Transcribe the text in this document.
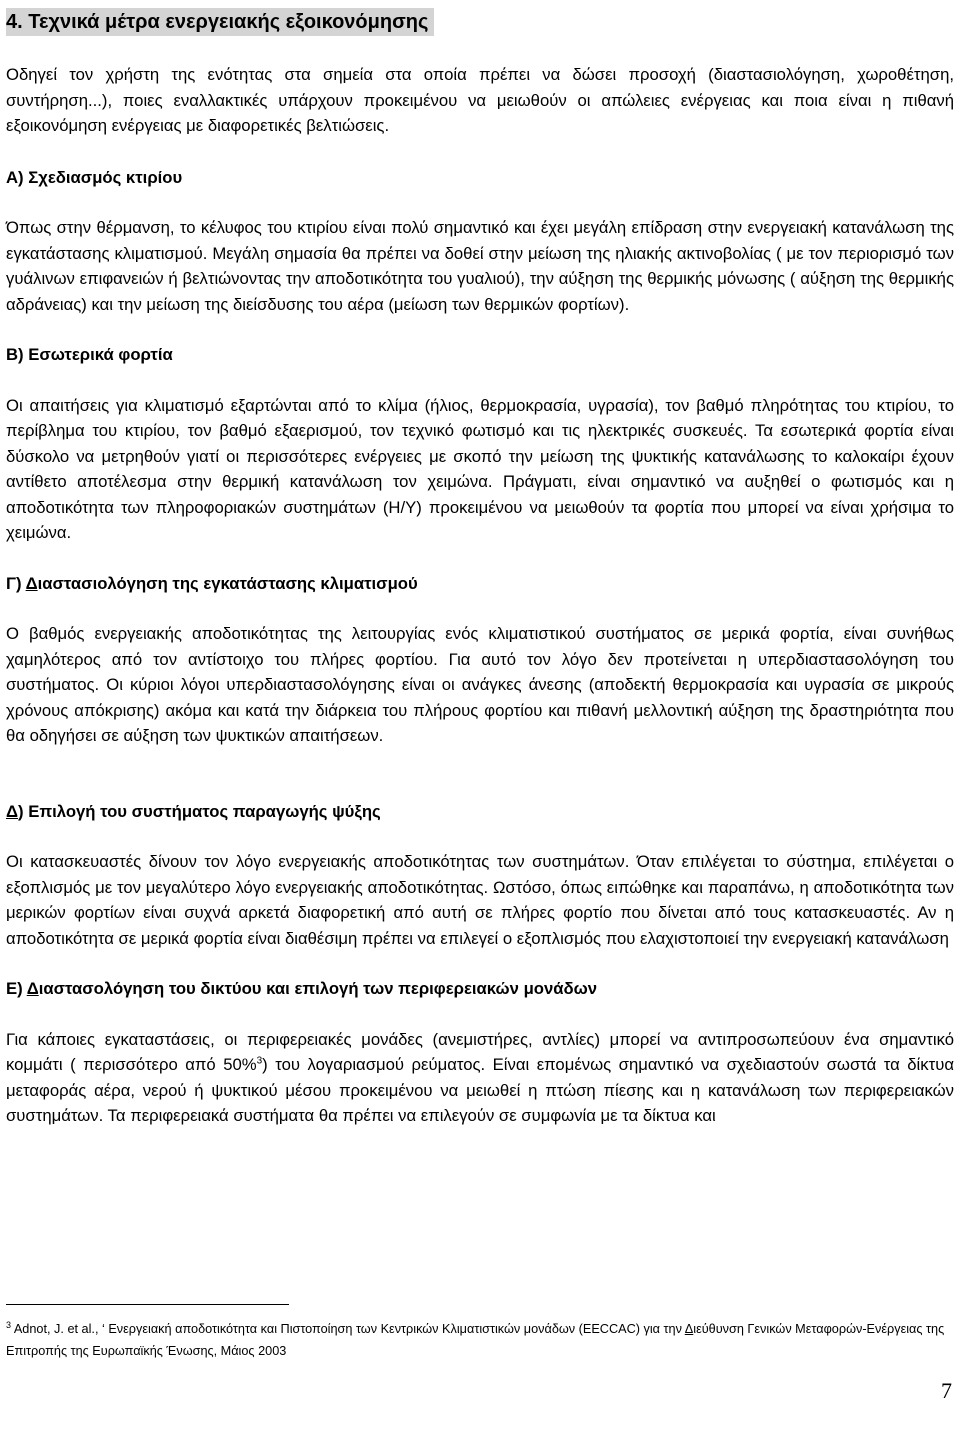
4. Τεχνικά μέτρα ενεργειακής εξοικονόμησης

Οδηγεί τον χρήστη της ενότητας στα σημεία στα οποία πρέπει να δώσει προσοχή (διαστασιολόγηση, χωροθέτηση, συντήρηση...), ποιες εναλλακτικές υπάρχουν προκειμένου να μειωθούν οι απώλειες ενέργειας και ποια είναι η πιθανή εξοικονόμηση ενέργειας με διαφορετικές βελτιώσεις.

Α) Σχεδιασμός κτιρίου

Όπως στην θέρμανση, το κέλυφος του κτιρίου είναι πολύ σημαντικό και έχει μεγάλη επίδραση στην ενεργειακή κατανάλωση της εγκατάστασης κλιματισμού. Μεγάλη σημασία θα πρέπει να δοθεί στην μείωση της ηλιακής ακτινοβολίας ( με τον περιορισμό των γυάλινων επιφανειών ή βελτιώνοντας την αποδοτικότητα του γυαλιού), την αύξηση της θερμικής μόνωσης ( αύξηση της θερμικής αδράνειας) και την μείωση της διείσδυσης του αέρα (μείωση των θερμικών φορτίων).

Β) Εσωτερικά φορτία

Οι απαιτήσεις για κλιματισμό εξαρτώνται από το κλίμα (ήλιος, θερμοκρασία, υγρασία), τον βαθμό πληρότητας του κτιρίου, το περίβλημα του κτιρίου, τον βαθμό εξαερισμού, τον τεχνικό φωτισμό και τις ηλεκτρικές συσκευές. Τα εσωτερικά φορτία είναι δύσκολο να μετρηθούν γιατί οι περισσότερες ενέργειες με σκοπό την μείωση της ψυκτικής κατανάλωσης το καλοκαίρι έχουν αντίθετο αποτέλεσμα στην θερμική κατανάλωση τον χειμώνα. Πράγματι, είναι σημαντικό να αυξηθεί ο φωτισμός και η αποδοτικότητα των πληροφοριακών συστημάτων (Η/Υ) προκειμένου να μειωθούν τα φορτία που μπορεί να είναι χρήσιμα το χειμώνα.

Γ) Διαστασιολόγηση της εγκατάστασης κλιματισμού

Ο βαθμός ενεργειακής αποδοτικότητας της λειτουργίας ενός κλιματιστικού συστήματος σε μερικά φορτία, είναι συνήθως χαμηλότερος από τον αντίστοιχο του πλήρες φορτίου. Για αυτό τον λόγο δεν προτείνεται η υπερδιαστασολόγηση του συστήματος. Οι κύριοι λόγοι υπερδιαστασολόγησης είναι οι ανάγκες άνεσης (αποδεκτή θερμοκρασία και υγρασία σε μικρούς χρόνους απόκρισης) ακόμα και κατά την διάρκεια του πλήρους φορτίου και πιθανή μελλοντική αύξηση της δραστηριότητα που θα οδηγήσει σε αύξηση των ψυκτικών απαιτήσεων.

Δ) Επιλογή του συστήματος παραγωγής ψύξης

Οι κατασκευαστές δίνουν τον λόγο ενεργειακής αποδοτικότητας των συστημάτων. Όταν επιλέγεται το σύστημα, επιλέγεται ο εξοπλισμός με τον μεγαλύτερο λόγο ενεργειακής αποδοτικότητας. Ωστόσο, όπως ειπώθηκε και παραπάνω, η αποδοτικότητα των μερικών φορτίων είναι συχνά αρκετά διαφορετική από αυτή σε πλήρες φορτίο που δίνεται από τους κατασκευαστές. Αν η αποδοτικότητα σε μερικά φορτία είναι διαθέσιμη πρέπει να επιλεγεί ο εξοπλισμός που ελαχιστοποιεί την ενεργειακή κατανάλωση

Ε) Διαστασολόγηση του δικτύου και επιλογή των περιφερειακών μονάδων

Για κάποιες εγκαταστάσεις, οι περιφερειακές μονάδες (ανεμιστήρες, αντλίες) μπορεί να αντιπροσωπεύουν ένα σημαντικό κομμάτι ( περισσότερο από 50%$^3$) του λογαριασμού ρεύματος. Είναι επομένως σημαντικό να σχεδιαστούν σωστά τα δίκτυα μεταφοράς αέρα, νερού ή ψυκτικού μέσου προκειμένου να μειωθεί η πτώση πίεσης και η κατανάλωση των περιφερειακών συστημάτων. Τα περιφερειακά συστήματα θα πρέπει να επιλεγούν σε συμφωνία με τα δίκτυα και

$^3$ Adnot, J. et al., ‘ Ενεργειακή αποδοτικότητα και Πιστοποίηση των Κεντρικών Κλιματιστικών μονάδων (EECCAC) για την Διεύθυνση Γενικών Μεταφορών-Ενέργειας της Επιτροπής της Ευρωπαϊκής Ένωσης, Μάιος 2003
7
